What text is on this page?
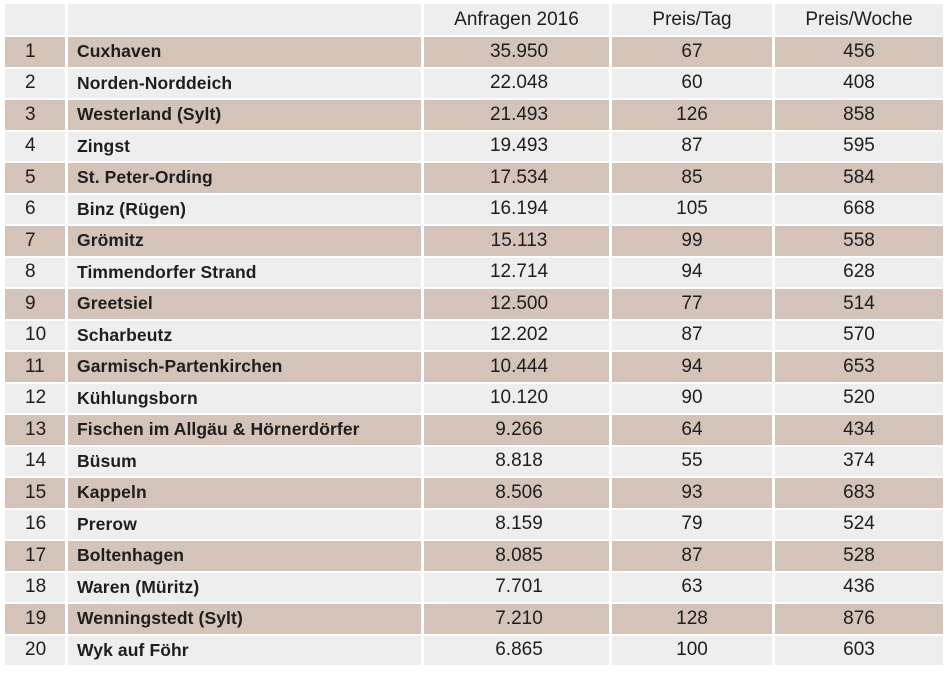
		Anfragen 2016	Preis/Tag	Preis/Woche
1	Cuxhaven	35.950	67	456
2	Norden-Norddeich	22.048	60	408
3	Westerland (Sylt)	21.493	126	858
4	Zingst	19.493	87	595
5	St. Peter-Ording	17.534	85	584
6	Binz (Rügen)	16.194	105	668
7	Grömitz	15.113	99	558
8	Timmendorfer Strand	12.714	94	628
9	Greetsiel	12.500	77	514
10	Scharbeutz	12.202	87	570
11	Garmisch-Partenkirchen	10.444	94	653
12	Kühlungsborn	10.120	90	520
13	Fischen im Allgäu & Hörnerdörfer	9.266	64	434
14	Büsum	8.818	55	374
15	Kappeln	8.506	93	683
16	Prerow	8.159	79	524
17	Boltenhagen	8.085	87	528
18	Waren (Müritz)	7.701	63	436
19	Wenningstedt (Sylt)	7.210	128	876
20	Wyk auf Föhr	6.865	100	603
